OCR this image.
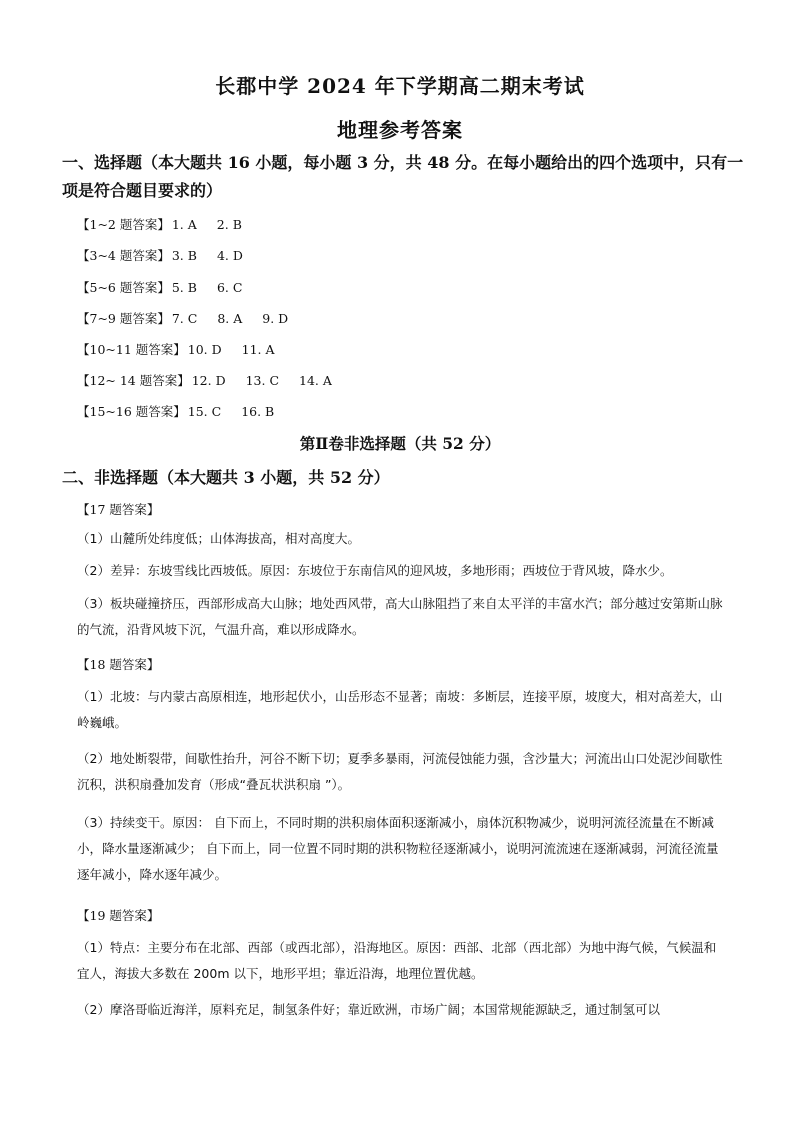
长郡中学 2024 年下学期高二期末考试
地理参考答案
一、选择题（本大题共 16 小题，每小题 3 分，共 48 分。在每小题给出的四个选项中，只有一项是符合题目要求的）
【1~2 题答案】 1. A 2. B
【3~4 题答案】 3. B 4. D
【5~6 题答案】 5. B 6. C
【7~9 题答案】 7. C 8. A 9. D
【10~11 题答案】 10. D 11. A
【12~ 14 题答案】 12. D 13. C 14. A
【15~16 题答案】 15. C 16. B
第Ⅱ卷非选择题（共 52 分）
二、非选择题（本大题共 3 小题，共 52 分）
【17 题答案】
（1）山麓所处纬度低；山体海拔高，相对高度大。
（2）差异：东坡雪线比西坡低。原因：东坡位于东南信风的迎风坡，多地形雨；西坡位于背风坡，降水少。
（3）板块碰撞挤压，西部形成高大山脉；地处西风带，高大山脉阻挡了来自太平洋的丰富水汽；部分越过安第斯山脉的气流，沿背风坡下沉，气温升高，难以形成降水。
【18 题答案】
（1）北坡：与内蒙古高原相连，地形起伏小，山岳形态不显著；南坡：多断层，连接平原，坡度大，相对高差大，山岭巍峨。
（2）地处断裂带，间歇性抬升，河谷不断下切；夏季多暴雨，河流侵蚀能力强，含沙量大；河流出山口处泥沙间歇性沉积，洪积扇叠加发育（形成“叠瓦状洪积扇 ”）。
（3）持续变干。原因： 自下而上，不同时期的洪积扇体面积逐渐减小，扇体沉积物减少，说明河流径流量在不断减小，降水量逐渐减少； 自下而上，同一位置不同时期的洪积物粒径逐渐减小，说明河流流速在逐渐减弱，河流径流量逐年减小，降水逐年减少。
【19 题答案】
（1）特点：主要分布在北部、西部（或西北部），沿海地区。原因：西部、北部（西北部）为地中海气候，气候温和宜人，海拔大多数在 200m 以下，地形平坦；靠近沿海，地理位置优越。
（2）摩洛哥临近海洋，原料充足，制氢条件好；靠近欧洲，市场广阔；本国常规能源缺乏，通过制氢可以
